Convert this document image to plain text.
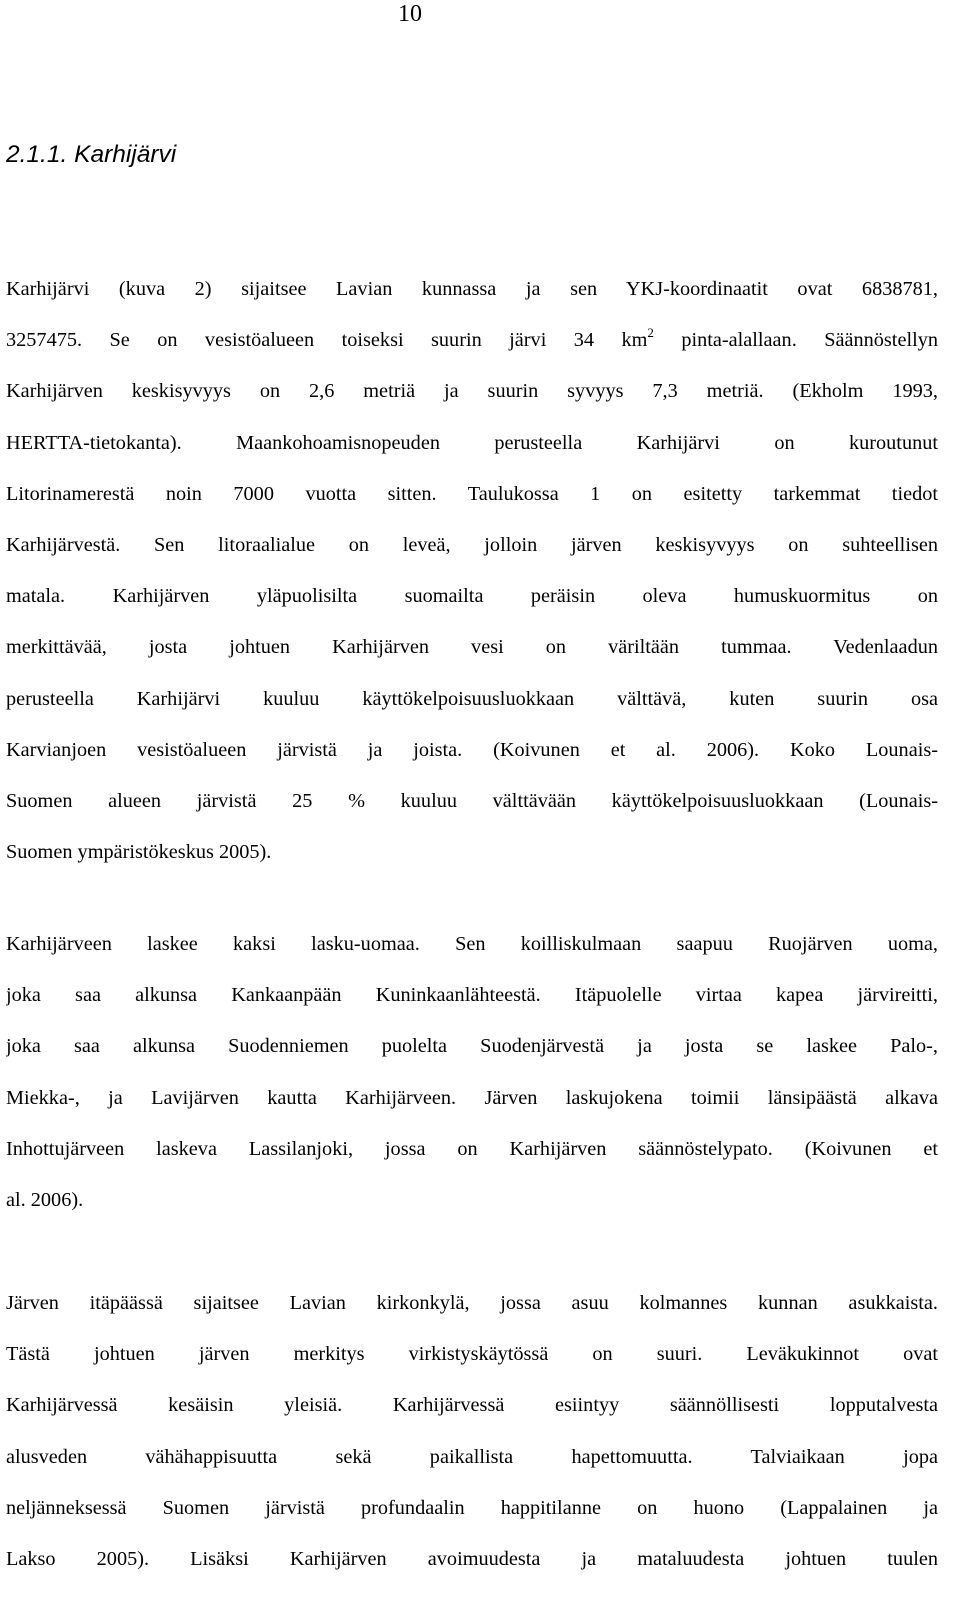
10
2.1.1. Karhijärvi
Karhijärvi (kuva 2) sijaitsee Lavian kunnassa ja sen YKJ-koordinaatit ovat 6838781,
3257475. Se on vesistöalueen toiseksi suurin järvi 34 $km^2$ pinta-alallaan. Säännöstellyn
Karhijärven keskisyvyys on 2,6 metriä ja suurin syvyys 7,3 metriä. (Ekholm 1993,
HERTTA-tietokanta). Maankohoamisnopeuden perusteella Karhijärvi on kuroutunut
Litorinamerestä noin 7000 vuotta sitten. Taulukossa 1 on esitetty tarkemmat tiedot
Karhijärvestä. Sen litoraalialue on leveä, jolloin järven keskisyvyys on suhteellisen
matala. Karhijärven yläpuolisilta suomailta peräisin oleva humuskuormitus on
merkittävää, josta johtuen Karhijärven vesi on väriltään tummaa. Vedenlaadun
perusteella Karhijärvi kuuluu käyttökelpoisuusluokkaan välttävä, kuten suurin osa
Karvianjoen vesistöalueen järvistä ja joista. (Koivunen et al. 2006). Koko Lounais-
Suomen alueen järvistä 25 % kuuluu välttävään käyttökelpoisuusluokkaan (Lounais-
Suomen ympäristökeskus 2005).
Karhijärveen laskee kaksi lasku-uomaa. Sen koilliskulmaan saapuu Ruojärven uoma,
joka saa alkunsa Kankaanpään Kuninkaanlähteestä. Itäpuolelle virtaa kapea järvireitti,
joka saa alkunsa Suodenniemen puolelta Suodenjärvestä ja josta se laskee Palo-,
Miekka-, ja Lavijärven kautta Karhijärveen. Järven laskujokena toimii länsipäästä alkava
Inhottujärveen laskeva Lassilanjoki, jossa on Karhijärven säännöstelypato. (Koivunen et
al. 2006).
Järven itäpäässä sijaitsee Lavian kirkonkylä, jossa asuu kolmannes kunnan asukkaista.
Tästä johtuen järven merkitys virkistyskäytössä on suuri. Leväkukinnot ovat
Karhijärvessä kesäisin yleisiä. Karhijärvessä esiintyy säännöllisesti lopputalvesta
alusveden vähähappisuutta sekä paikallista hapettomuutta. Talviaikaan jopa
neljänneksessä Suomen järvistä profundaalin happitilanne on huono (Lappalainen ja
Lakso 2005). Lisäksi Karhijärven avoimuudesta ja mataluudesta johtuen tuulen
